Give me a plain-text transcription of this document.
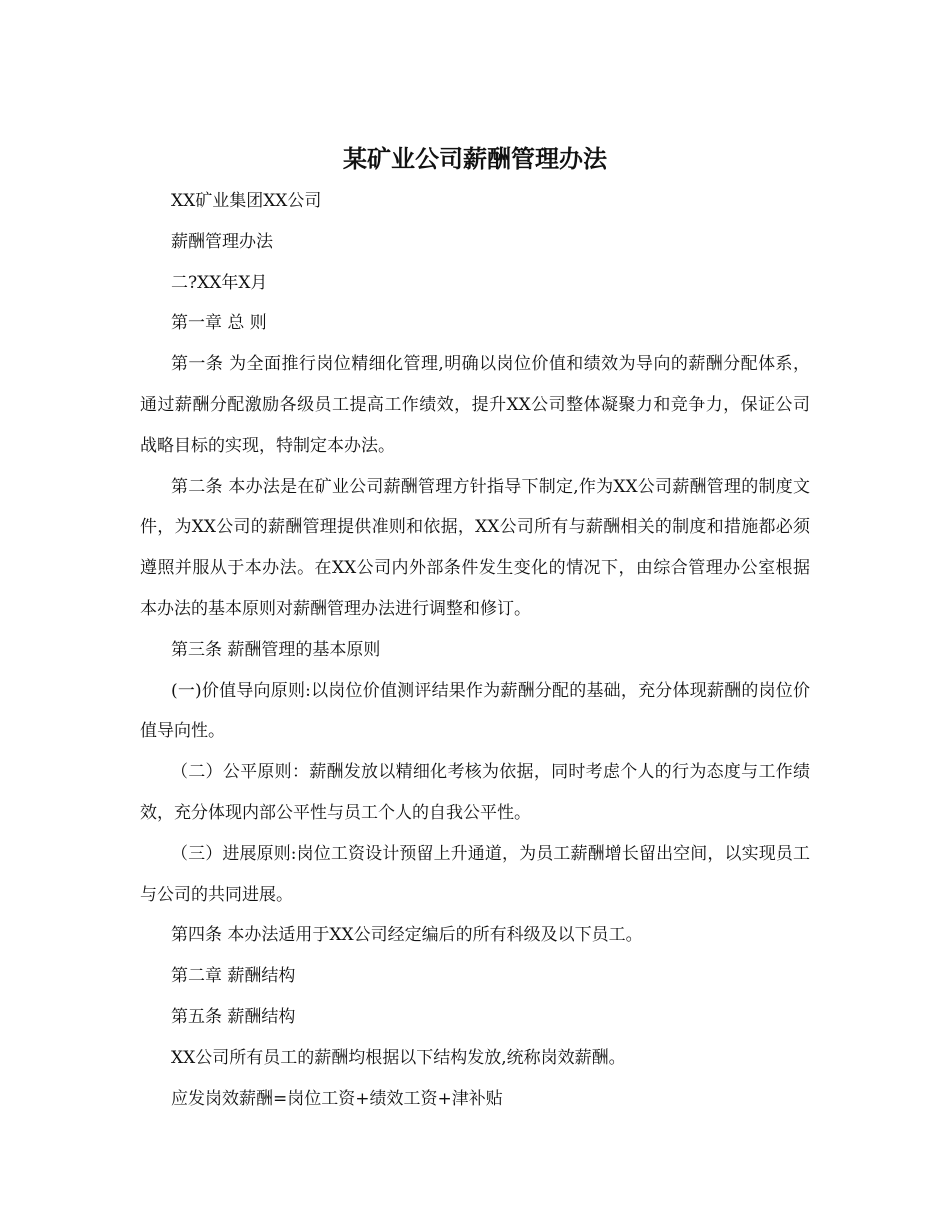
某矿业公司薪酬管理办法

XX矿业集团XX公司

薪酬管理办法

二?XX年X月

第一章 总 则

第一条 为全面推行岗位精细化管理,明确以岗位价值和绩效为导向的薪酬分配体系，通过薪酬分配激励各级员工提高工作绩效，提升XX公司整体凝聚力和竞争力，保证公司战略目标的实现，特制定本办法。

第二条 本办法是在矿业公司薪酬管理方针指导下制定,作为XX公司薪酬管理的制度文件，为XX公司的薪酬管理提供准则和依据，XX公司所有与薪酬相关的制度和措施都必须遵照并服从于本办法。在XX公司内外部条件发生变化的情况下，由综合管理办公室根据本办法的基本原则对薪酬管理办法进行调整和修订。

第三条 薪酬管理的基本原则

(一)价值导向原则:以岗位价值测评结果作为薪酬分配的基础，充分体现薪酬的岗位价值导向性。

（二）公平原则：薪酬发放以精细化考核为依据，同时考虑个人的行为态度与工作绩效，充分体现内部公平性与员工个人的自我公平性。

（三）进展原则:岗位工资设计预留上升通道，为员工薪酬增长留出空间，以实现员工与公司的共同进展。

第四条 本办法适用于XX公司经定编后的所有科级及以下员工。

第二章 薪酬结构

第五条 薪酬结构

XX公司所有员工的薪酬均根据以下结构发放,统称岗效薪酬。

应发岗效薪酬=岗位工资+绩效工资+津补贴
